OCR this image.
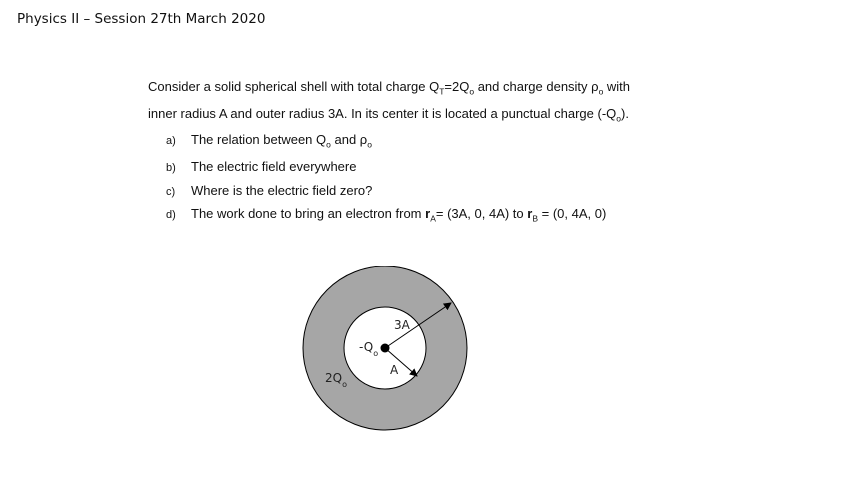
Physics II – Session 27th March 2020

Consider a solid spherical shell with total charge $Q_T=2Q_o$ and charge density $\rho_o$ with

inner radius A and outer radius 3A. In its center it is located a punctual charge $(-Q_o)$.

a) The relation between $Q_o$ and $\rho_o$
b) The electric field everywhere
c) Where is the electric field zero?
d) The work done to bring an electron from $r_A= (3A$, 0, 4A) to $r_B = (0$, 4A, 0)
3A
A
$-Q_o$
$2Q_o$
